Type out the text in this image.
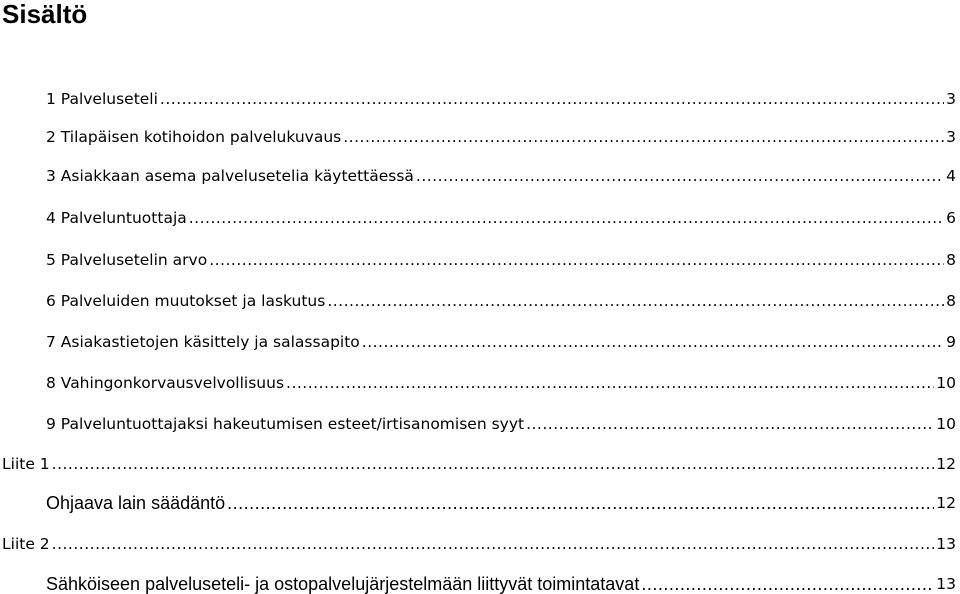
Sisältö
1 Palveluseteli .....	3
2 Tilapäisen kotihoidon palvelukuvaus .....	3
3 Asiakkaan asema palvelusetelia käytettäessä .....	4
4 Palveluntuottaja .....	6
5 Palvelusetelin arvo .....	8
6 Palveluiden muutokset ja laskutus .....	8
7 Asiakastietojen käsittely ja salassapito .....	9
8 Vahingonkorvausvelvollisuus .....	10
9 Palveluntuottajaksi hakeutumisen esteet/irtisanomisen syyt .....	10
Liite 1 .....	12
Ohjaava lain säädäntö .....	12
Liite 2 .....	13
Sähköiseen palveluseteli- ja ostopalvelujärjestelmään liittyvät toimintatavat .....	13
